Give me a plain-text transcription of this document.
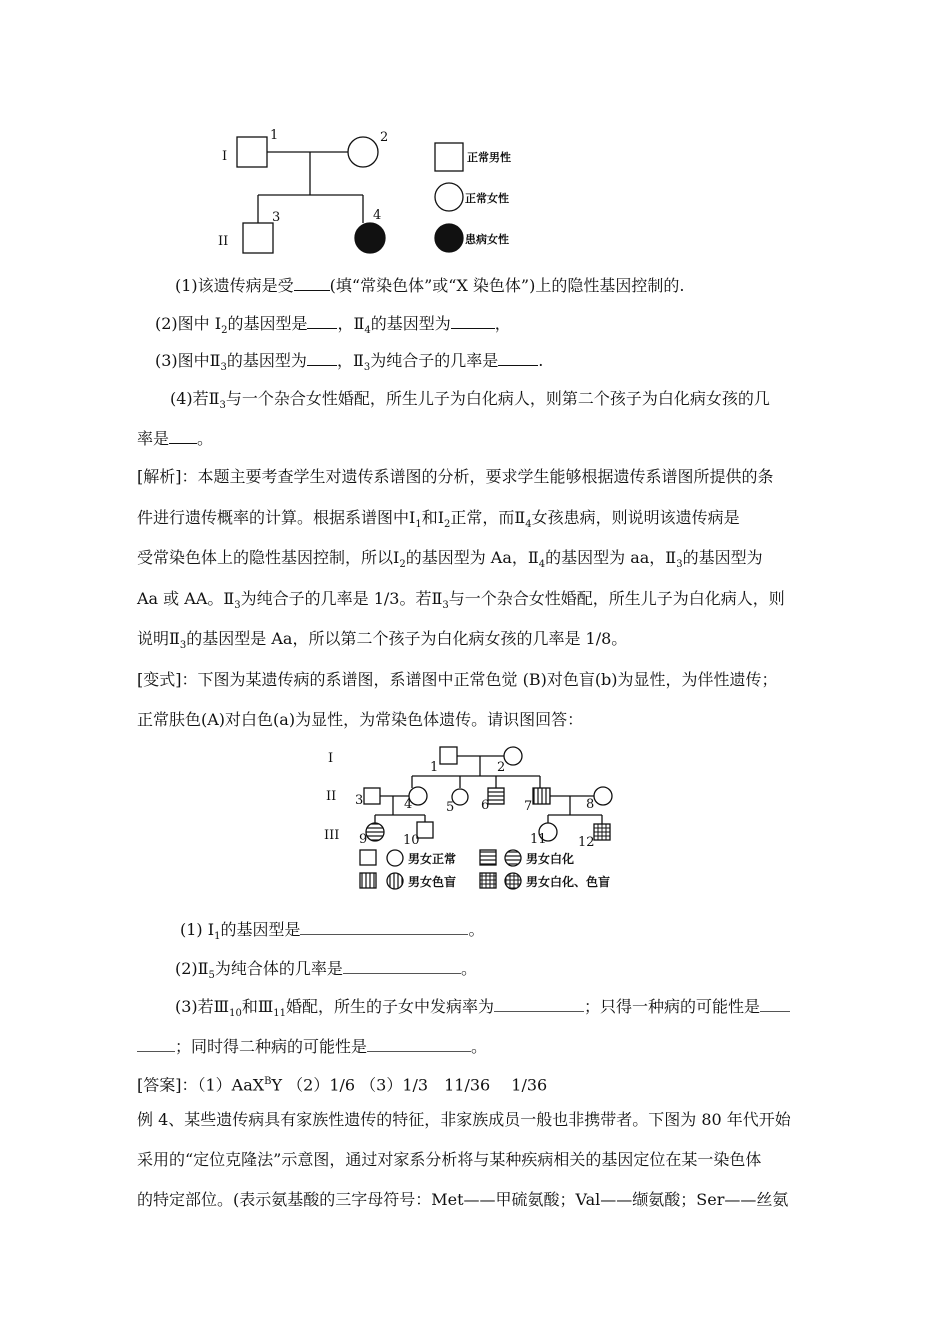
I
II
1	2
3	4
正常男性
正常女性
患病女性
(1)该遗传病是受 (填“常染色体”或“X 染色体”)上的隐性基因控制的.
(2)图中 $I_2$的基因型是 ，$Ⅱ_4$的基因型为	，
(3)图中$Ⅱ_3$的基因型为 ，$Ⅱ_3$为纯合子的几率是	.
(4)若$Ⅱ_3$与一个杂合女性婚配，所生儿子为白化病人，则第二个孩子为白化病女孩的几
率是 。
[解析]：本题主要考查学生对遗传系谱图的分析，要求学生能够根据遗传系谱图所提供的条
件进行遗传概率的计算。根据系谱图中$Ⅰ_1$和$Ⅰ_2$正常，而$Ⅱ_4$女孩患病，则说明该遗传病是
受常染色体上的隐性基因控制，所以$Ⅰ_2$的基因型为 Aa，$Ⅱ_4$的基因型为 aa，$Ⅱ_3$的基因型为
Aa 或 AA。$Ⅱ_3$为纯合子的几率是 1/3。若$Ⅱ_3$与一个杂合女性婚配，所生儿子为白化病人，则
说明$Ⅱ_3$的基因型是 Aa，所以第二个孩子为白化病女孩的几率是 1/8。
[变式]：下图为某遗传病的系谱图，系谱图中正常色觉 (B)对色盲(b)为显性，为伴性遗传；
正常肤色(A)对白色(a)为显性，为常染色体遗传。请识图回答：
I
II
III
1	2
3	4	5 6	7	8
9	10	11 12
男女正常	男女白化
男女色盲	男女白化、色盲
(1) $I_1$的基因型是	。
$(2)Ⅱ_5$为纯合体的几率是	。
(3)若$Ⅲ_{10}$和$Ⅲ_{11}$婚配，所生的子女中发病率为	；只得一种病的可能性是
；同时得二种病的可能性是	。
[答案]：（1）AaX$^B$Y （2）1/6 （3）1/3　11/36　 1/36
例 4、某些遗传病具有家族性遗传的特征，非家族成员一般也非携带者。下图为 80 年代开始
采用的“定位克隆法”示意图，通过对家系分析将与某种疾病相关的基因定位在某一染色体
的特定部位。(表示氨基酸的三字母符号：Met——甲硫氨酸；Val——缬氨酸；Ser——丝氨
